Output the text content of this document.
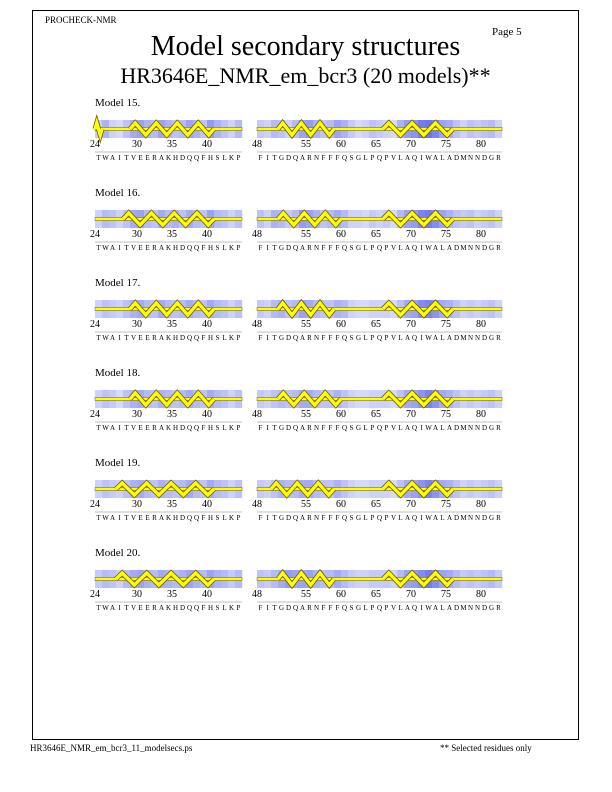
PROCHECK-NMR
Page 5
Model secondary structures
HR3646E_NMR_em_bcr3 (20 models)**
Model 15.
24	30	35	40
T W A I T V E E R A K H D Q Q F H S L K P
48	55	60	65	70	75	80
F I T G D Q A R N F F F Q S G L P Q P V L A Q I W A L A D M N N D G R
Model 16.
24	30	35	40
T W A I T V E E R A K H D Q Q F H S L K P
48	55	60	65	70	75	80
F I T G D Q A R N F F F Q S G L P Q P V L A Q I W A L A D M N N D G R
Model 17.
24	30	35	40
T W A I T V E E R A K H D Q Q F H S L K P
48	55	60	65	70	75	80
F I T G D Q A R N F F F Q S G L P Q P V L A Q I W A L A D M N N D G R
Model 18.
24	30	35	40
T W A I T V E E R A K H D Q Q F H S L K P
48	55	60	65	70	75	80
F I T G D Q A R N F F F Q S G L P Q P V L A Q I W A L A D M N N D G R
Model 19.
24	30	35	40
T W A I T V E E R A K H D Q Q F H S L K P
48	55	60	65	70	75	80
F I T G D Q A R N F F F Q S G L P Q P V L A Q I W A L A D M N N D G R
Model 20.
24	30	35	40
T W A I T V E E R A K H D Q Q F H S L K P
48	55	60	65	70	75	80
F I T G D Q A R N F F F Q S G L P Q P V L A Q I W A L A D M N N D G R
HR3646E_NMR_em_bcr3_11_modelsecs.ps	** Selected residues only
